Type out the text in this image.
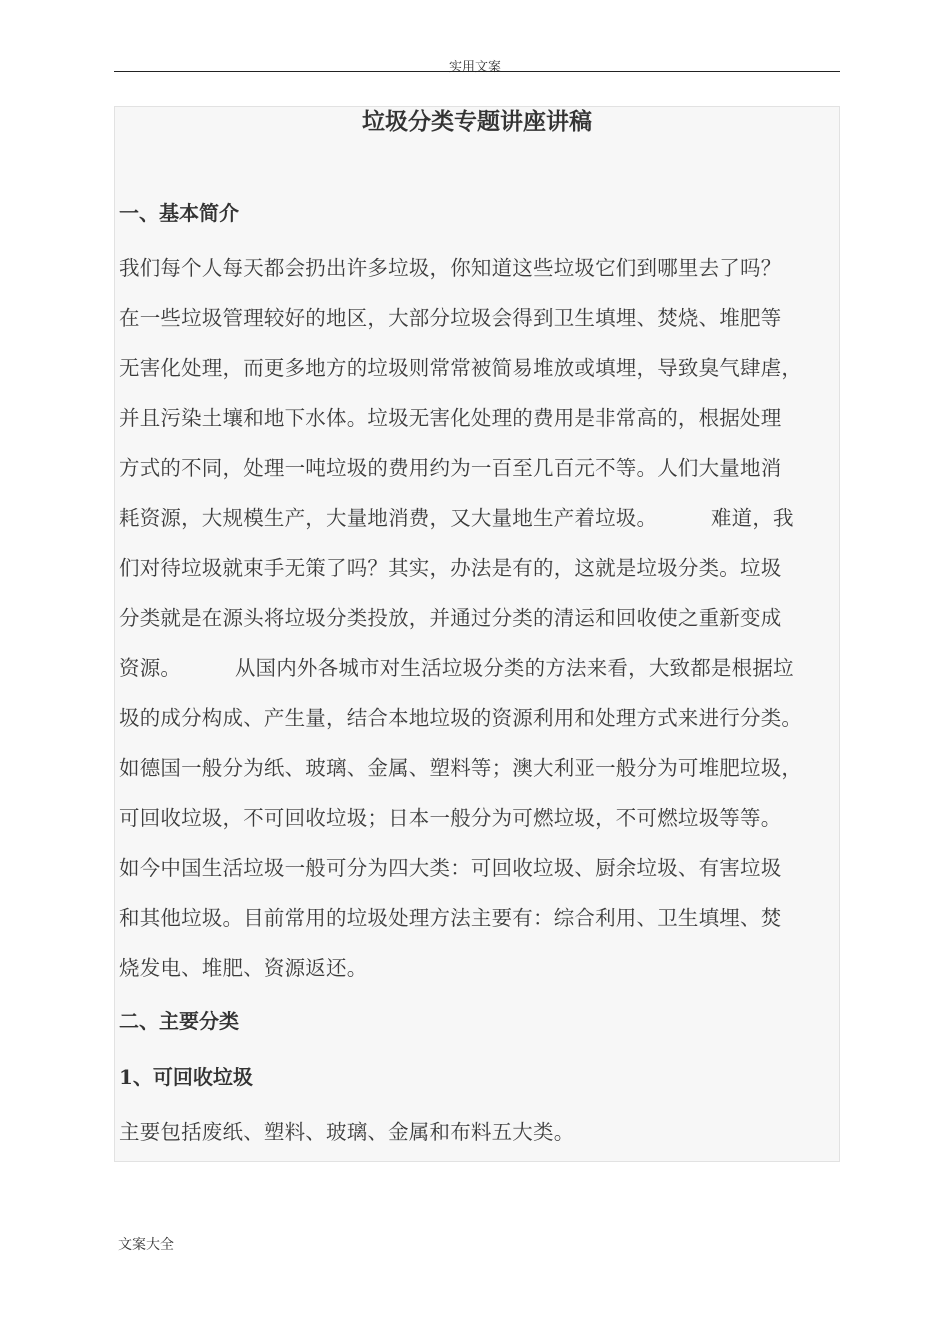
实用文案
垃圾分类专题讲座讲稿
一、基本简介
我们每个人每天都会扔出许多垃圾，你知道这些垃圾它们到哪里去了吗？
在一些垃圾管理较好的地区，大部分垃圾会得到卫生填埋、焚烧、堆肥等
无害化处理，而更多地方的垃圾则常常被简易堆放或填埋，导致臭气肆虐，
并且污染土壤和地下水体。垃圾无害化处理的费用是非常高的，根据处理
方式的不同，处理一吨垃圾的费用约为一百至几百元不等。人们大量地消
耗资源，大规模生产，大量地消费，又大量地生产着垃圾。        难道，我
们对待垃圾就束手无策了吗？其实，办法是有的，这就是垃圾分类。垃圾
分类就是在源头将垃圾分类投放，并通过分类的清运和回收使之重新变成
资源。        从国内外各城市对生活垃圾分类的方法来看，大致都是根据垃
圾的成分构成、产生量，结合本地垃圾的资源利用和处理方式来进行分类。
如德国一般分为纸、玻璃、金属、塑料等；澳大利亚一般分为可堆肥垃圾，
可回收垃圾，不可回收垃圾；日本一般分为可燃垃圾，不可燃垃圾等等。
如今中国生活垃圾一般可分为四大类：可回收垃圾、厨余垃圾、有害垃圾
和其他垃圾。目前常用的垃圾处理方法主要有：综合利用、卫生填埋、焚
烧发电、堆肥、资源返还。
二、主要分类
1、可回收垃圾
主要包括废纸、塑料、玻璃、金属和布料五大类。
文案大全
